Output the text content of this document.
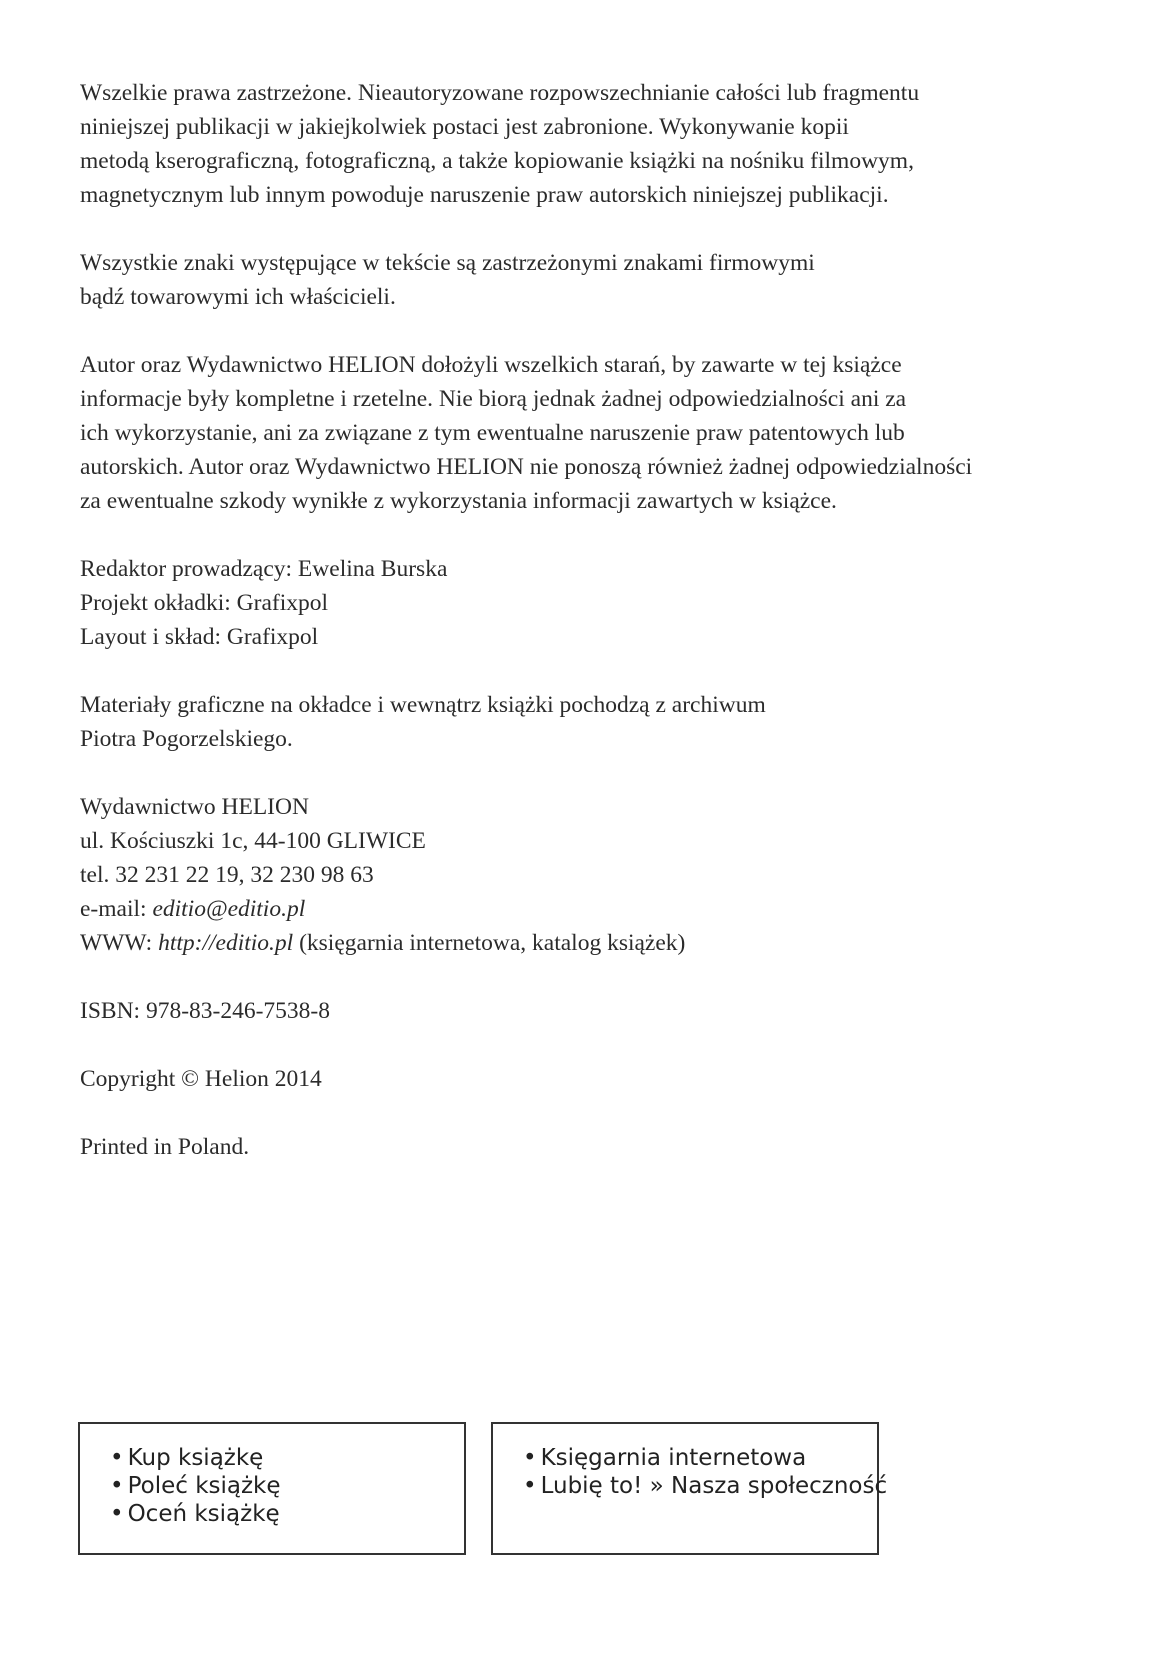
Wszelkie prawa zastrzeżone. Nieautoryzowane rozpowszechnianie całości lub fragmentu
niniejszej publikacji w jakiejkolwiek postaci jest zabronione. Wykonywanie kopii
metodą kserograficzną, fotograficzną, a także kopiowanie książki na nośniku filmowym,
magnetycznym lub innym powoduje naruszenie praw autorskich niniejszej publikacji.

Wszystkie znaki występujące w tekście są zastrzeżonymi znakami firmowymi
bądź towarowymi ich właścicieli.

Autor oraz Wydawnictwo HELION dołożyli wszelkich starań, by zawarte w tej książce
informacje były kompletne i rzetelne. Nie biorą jednak żadnej odpowiedzialności ani za
ich wykorzystanie, ani za związane z tym ewentualne naruszenie praw patentowych lub
autorskich. Autor oraz Wydawnictwo HELION nie ponoszą również żadnej odpowiedzialności
za ewentualne szkody wynikłe z wykorzystania informacji zawartych w książce.

Redaktor prowadzący: Ewelina Burska
Projekt okładki: Grafixpol
Layout i skład: Grafixpol

Materiały graficzne na okładce i wewnątrz książki pochodzą z archiwum
Piotra Pogorzelskiego.

Wydawnictwo HELION
ul. Kościuszki 1c, 44-100 GLIWICE
tel. 32 231 22 19, 32 230 98 63
e-mail: editio@editio.pl
WWW: http://editio.pl (księgarnia internetowa, katalog książek)

ISBN: 978-83-246-7538-8

Copyright © Helion 2014

Printed in Poland.

• Kup książkę
• Poleć książkę
• Oceń książkę
• Księgarnia internetowa
• Lubię to! » Nasza społeczność
